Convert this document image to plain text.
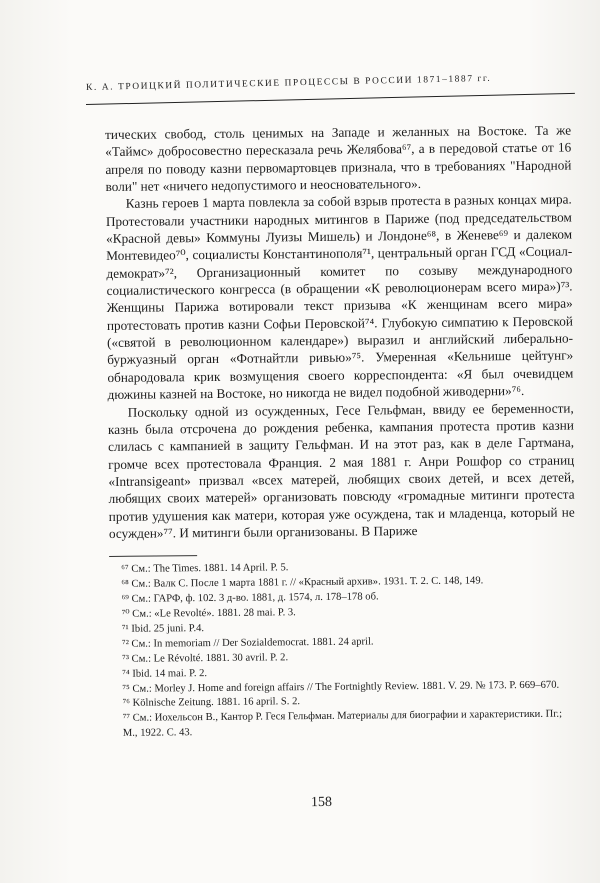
К. А. ТРОИЦКИЙ ПОЛИТИЧЕСКИЕ ПРОЦЕССЫ В РОССИИ 1871–1887 гг.

тических свобод, столь ценимых на Западе и желанных на Востоке. Та же «Таймс» добросовестно пересказала речь Желябова⁶⁷, а в передовой статье от 16 апреля по поводу казни первомартовцев признала, что в требованиях "Народной воли" нет «ничего недопустимого и неосновательного».

Казнь героев 1 марта повлекла за собой взрыв протеста в разных концах мира. Протестовали участники народных митингов в Париже (под председательством «Красной девы» Коммуны Луизы Мишель) и Лондоне⁶⁸, в Женеве⁶⁹ и далеком Монтевидео⁷⁰, социалисты Константинополя⁷¹, центральный орган ГСД «Социал-демократ»⁷², Организационный комитет по созыву международного социалистического конгресса (в обращении «К революционерам всего мира»)⁷³. Женщины Парижа вотировали текст призыва «К женщинам всего мира» протестовать против казни Софьи Перовской⁷⁴. Глубокую симпатию к Перовской («святой в революционном календаре») выразил и английский либерально-буржуазный орган «Фотнайтли ривью»⁷⁵. Умеренная «Кельнише цейтунг» обнародовала крик возмущения своего корреспондента: «Я был очевидцем дюжины казней на Востоке, но никогда не видел подобной живодерни»⁷⁶.

Поскольку одной из осужденных, Гесе Гельфман, ввиду ее беременности, казнь была отсрочена до рождения ребенка, кампания протеста против казни слилась с кампанией в защиту Гельфман. И на этот раз, как в деле Гартмана, громче всех протестовала Франция. 2 мая 1881 г. Анри Рошфор со страниц «Intransigeant» призвал «всех матерей, любящих своих детей, и всех детей, любящих своих матерей» организовать повсюду «громадные митинги протеста против удушения как матери, которая уже осуждена, так и младенца, который не осужден»⁷⁷. И митинги были организованы. В Париже

⁶⁷ См.: The Times. 1881. 14 April. P. 5.

⁶⁸ См.: Валк С. После 1 марта 1881 г. // «Красный архив». 1931. Т. 2. С. 148, 149.

⁶⁹ См.: ГАРФ, ф. 102. 3 д-во. 1881, д. 1574, л. 178–178 об.

⁷⁰ См.: «Le Revolté». 1881. 28 mai. P. 3.

⁷¹ Ibid. 25 juni. P.4.

⁷² См.: In memoriam // Der Sozialdemocrat. 1881. 24 april.

⁷³ См.: Le Révolté. 1881. 30 avril. P. 2.

⁷⁴ Ibid. 14 mai. P. 2.

⁷⁵ См.: Morley J. Home and foreign affairs // The Fortnightly Review. 1881. V. 29. № 173. P. 669–670.

⁷⁶ Kölnische Zeitung. 1881. 16 april. S. 2.

⁷⁷ См.: Иохельсон В., Кантор Р. Геся Гельфман. Материалы для биографии и характеристики. Пг.; М., 1922. С. 43.

158
